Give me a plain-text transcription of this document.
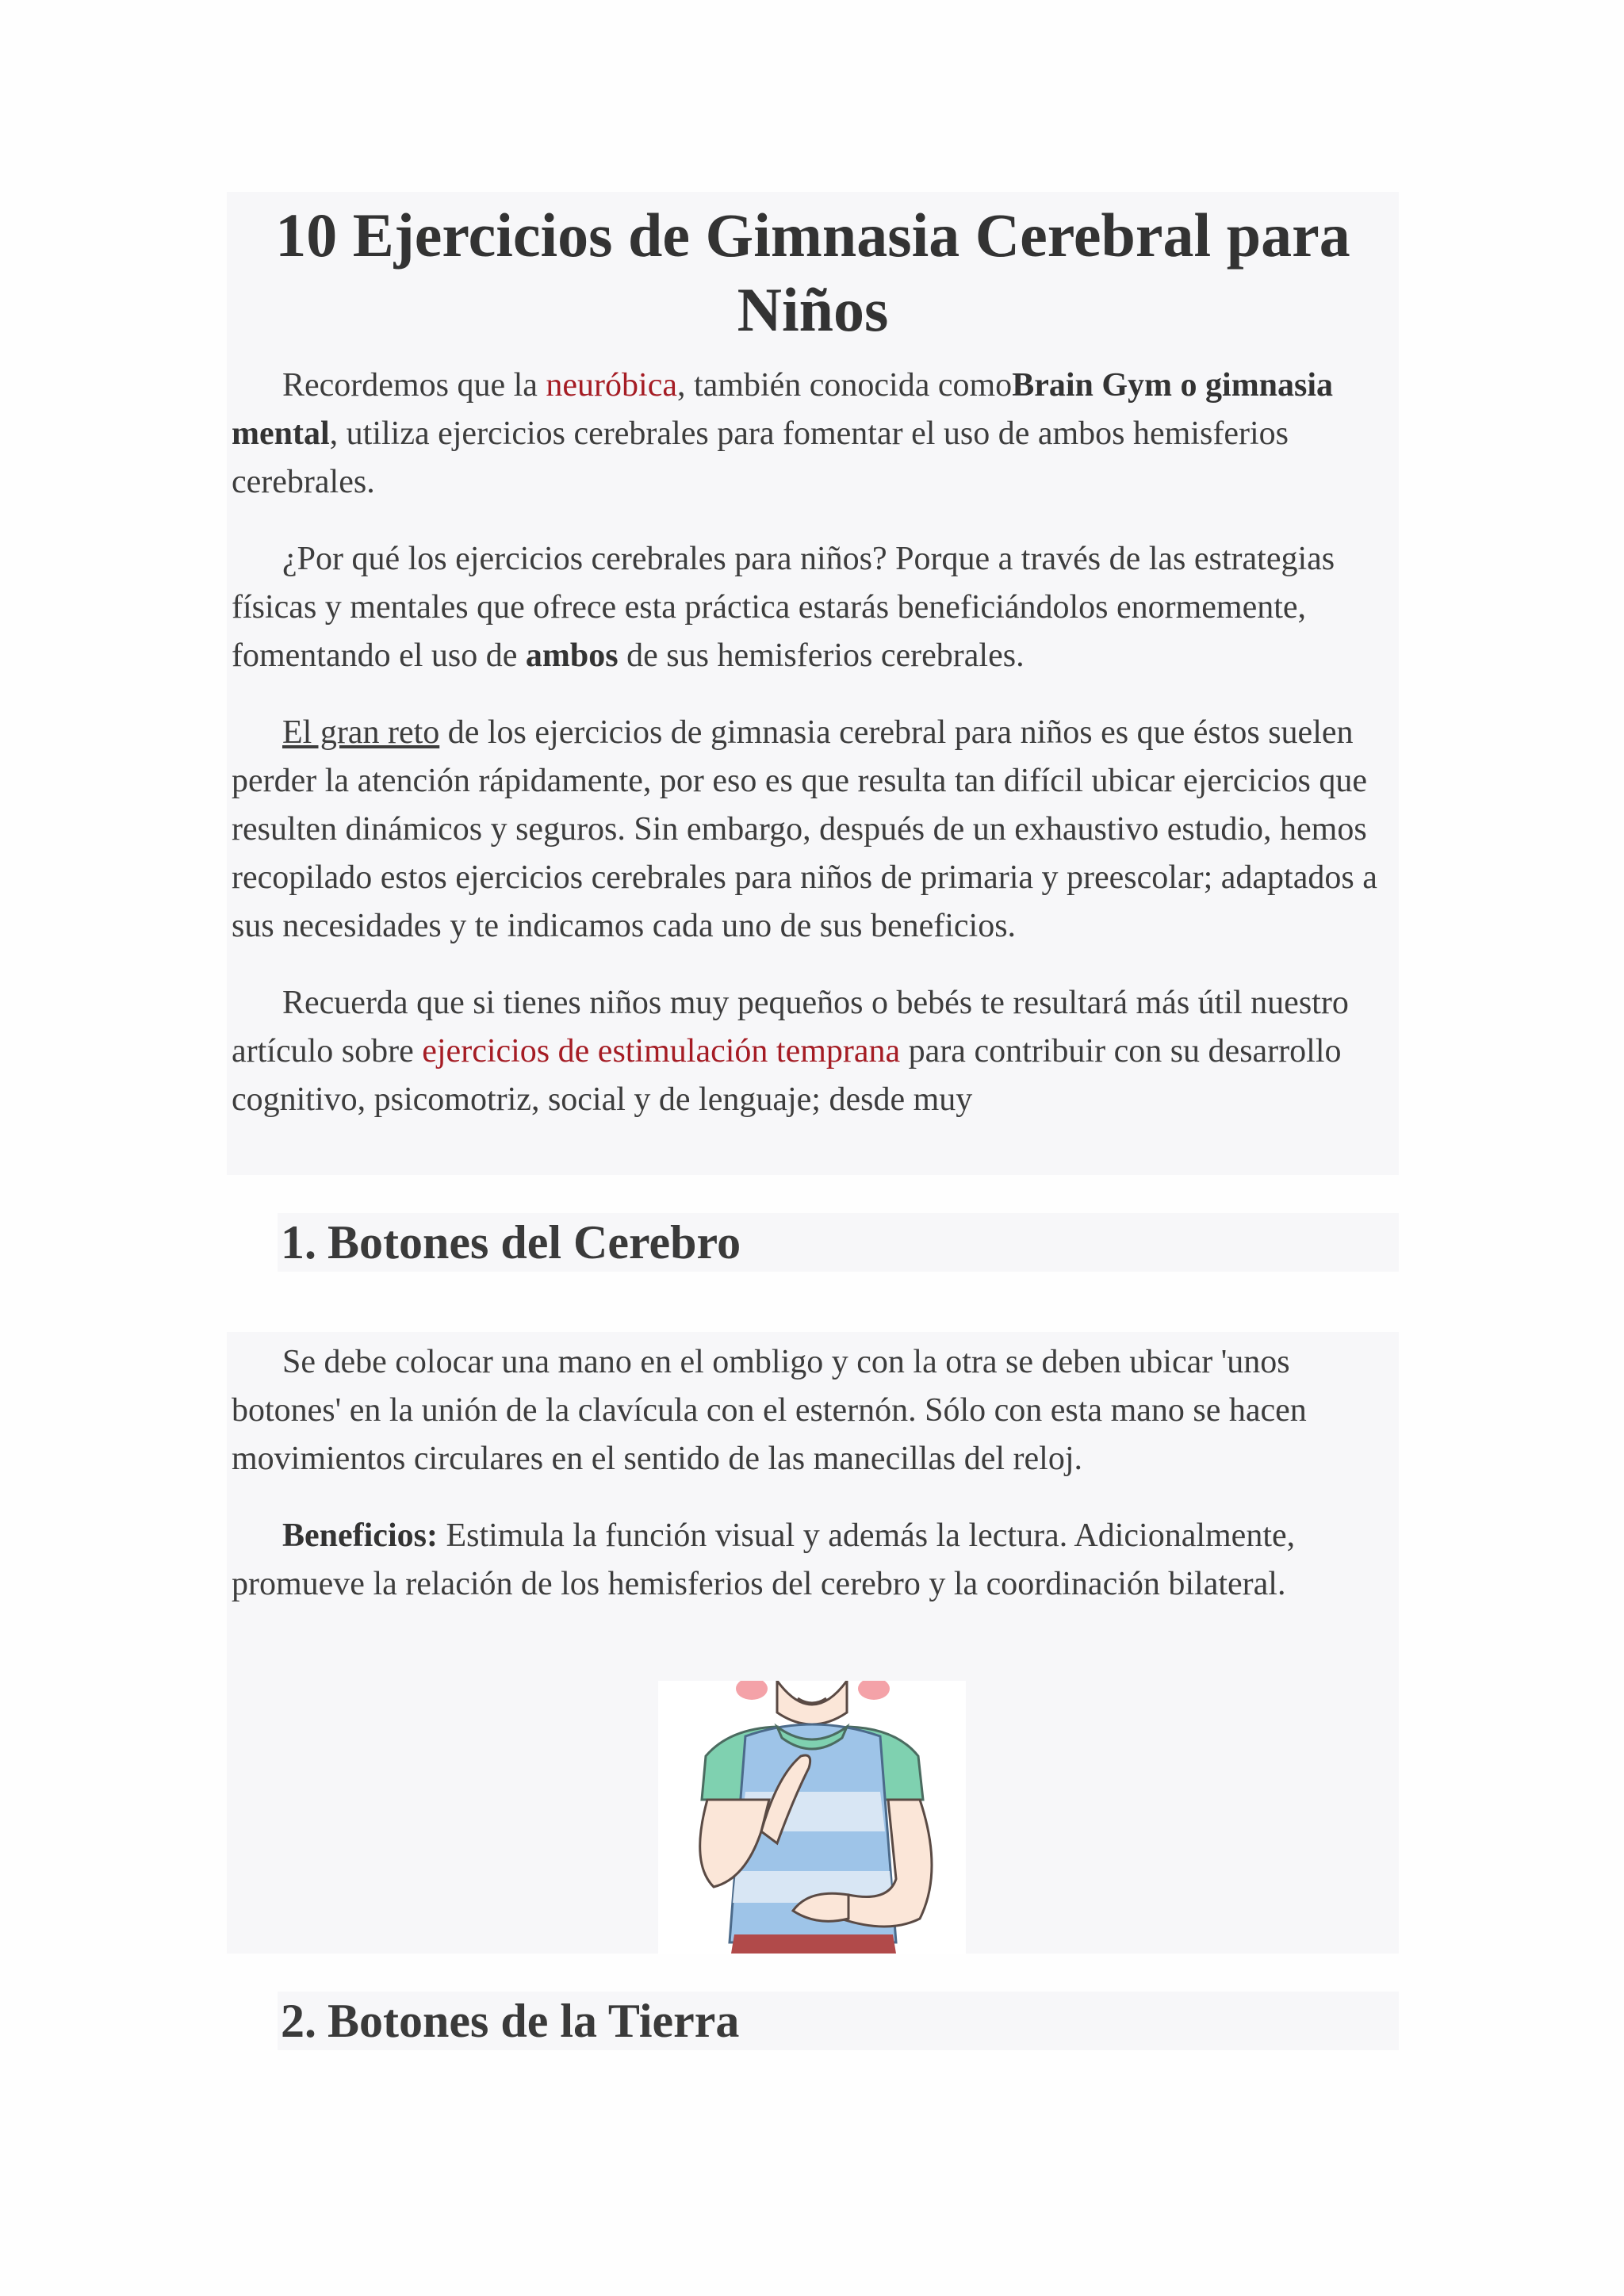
10 Ejercicios de Gimnasia Cerebral para Niños

Recordemos que la neuróbica, también conocida comoBrain Gym o gimnasia mental, utiliza ejercicios cerebrales para fomentar el uso de ambos hemisferios cerebrales.

¿Por qué los ejercicios cerebrales para niños? Porque a través de las estrategias físicas y mentales que ofrece esta práctica estarás beneficiándolos enormemente, fomentando el uso de ambos de sus hemisferios cerebrales.

El gran reto de los ejercicios de gimnasia cerebral para niños es que éstos suelen perder la atención rápidamente, por eso es que resulta tan difícil ubicar ejercicios que resulten dinámicos y seguros. Sin embargo, después de un exhaustivo estudio, hemos recopilado estos ejercicios cerebrales para niños de primaria y preescolar; adaptados a sus necesidades y te indicamos cada uno de sus beneficios.

Recuerda que si tienes niños muy pequeños o bebés te resultará más útil nuestro artículo sobre ejercicios de estimulación temprana para contribuir con su desarrollo cognitivo, psicomotriz, social y de lenguaje; desde muy

1. Botones del Cerebro

Se debe colocar una mano en el ombligo y con la otra se deben ubicar 'unos botones' en la unión de la clavícula con el esternón. Sólo con esta mano se hacen movimientos circulares en el sentido de las manecillas del reloj.

Beneficios: Estimula la función visual y además la lectura. Adicionalmente, promueve la relación de los hemisferios del cerebro y la coordinación bilateral.

2. Botones de la Tierra
